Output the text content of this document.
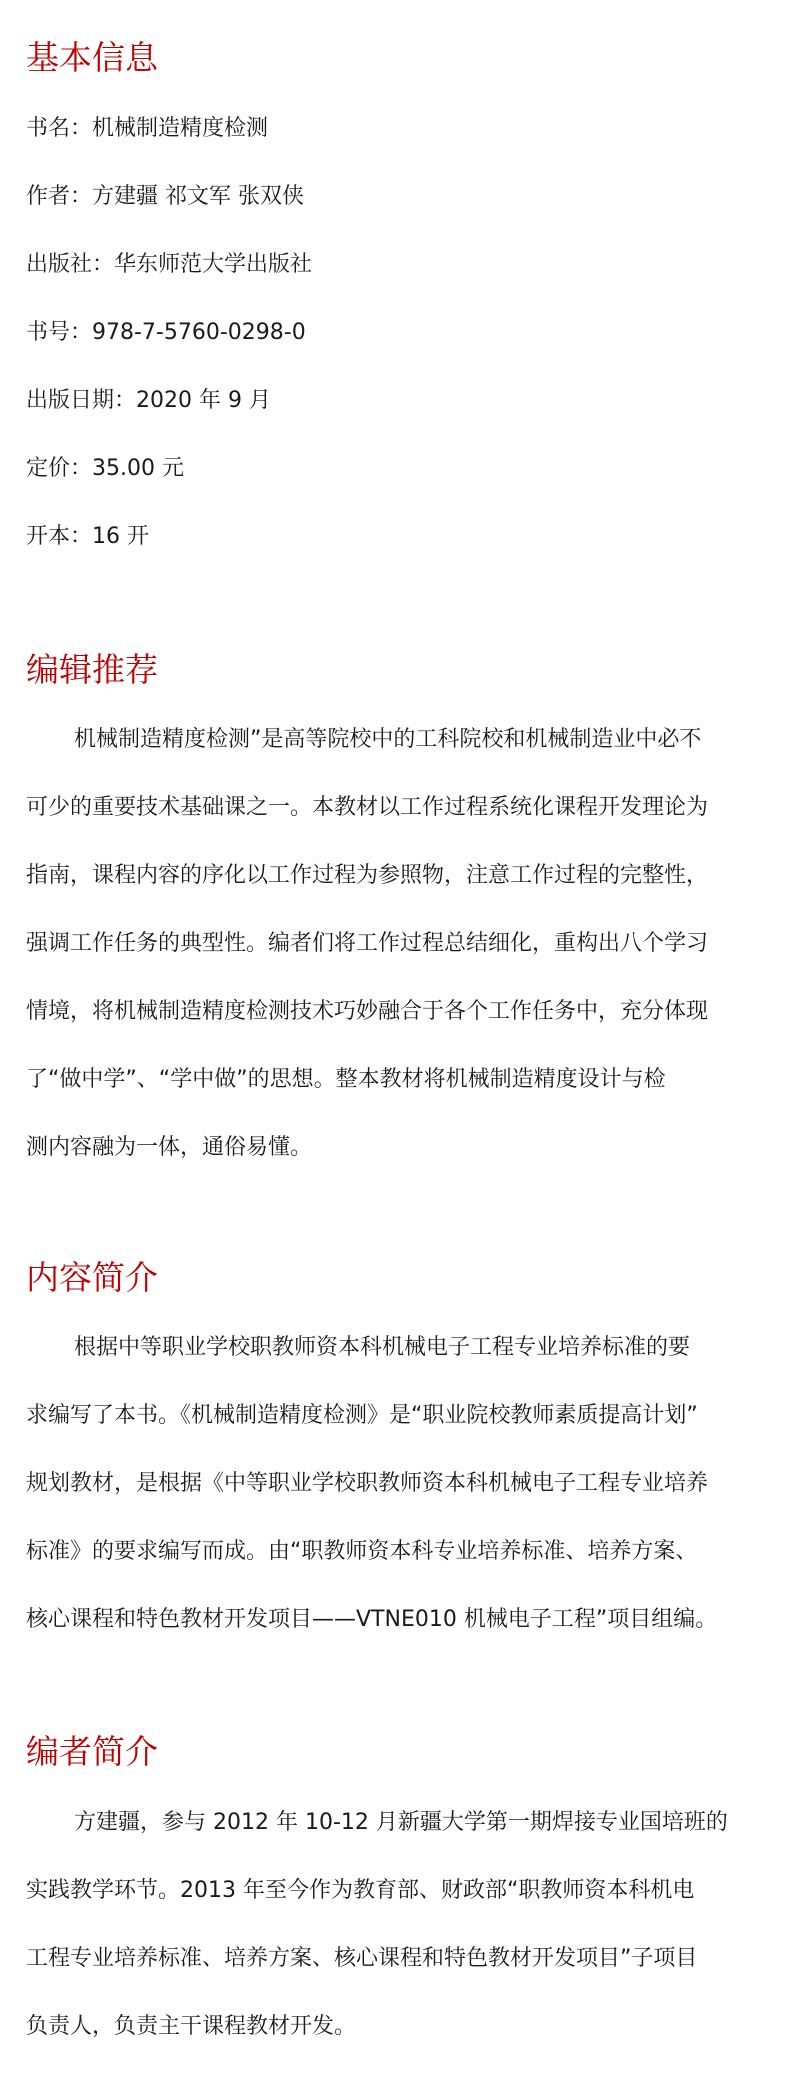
基本信息

书名：机械制造精度检测

作者：方建疆 祁文军 张双侠

出版社：华东师范大学出版社

书号：978-7-5760-0298-0

出版日期：2020 年 9 月

定价：35.00 元

开本：16 开

编辑推荐

机械制造精度检测”是高等院校中的工科院校和机械制造业中必不

可少的重要技术基础课之一。本教材以工作过程系统化课程开发理论为

指南，课程内容的序化以工作过程为参照物，注意工作过程的完整性，

强调工作任务的典型性。编者们将工作过程总结细化，重构出八个学习

情境，将机械制造精度检测技术巧妙融合于各个工作任务中，充分体现

了“做中学”、“学中做”的思想。整本教材将机械制造精度设计与检

测内容融为一体，通俗易懂。

内容简介

根据中等职业学校职教师资本科机械电子工程专业培养标准的要

求编写了本书。《机械制造精度检测》是“职业院校教师素质提高计划”

规划教材，是根据《中等职业学校职教师资本科机械电子工程专业培养

标准》的要求编写而成。由“职教师资本科专业培养标准、培养方案、

核心课程和特色教材开发项目——VTNE010 机械电子工程”项目组编。

编者简介

方建疆，参与 2012 年 10-12 月新疆大学第一期焊接专业国培班的

实践教学环节。2013 年至今作为教育部、财政部“职教师资本科机电

工程专业培养标准、培养方案、核心课程和特色教材开发项目”子项目

负责人，负责主干课程教材开发。
